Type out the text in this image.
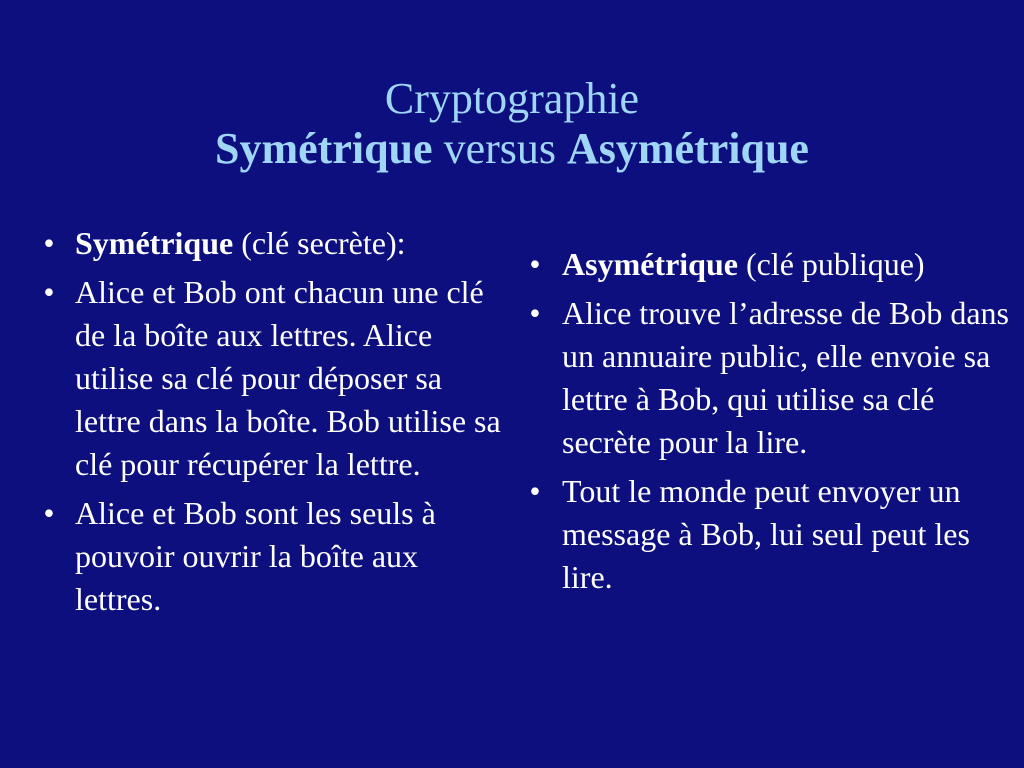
Cryptographie
Symétrique versus Asymétrique
• Symétrique (clé secrète):
• Alice et Bob ont chacun une clé de la boîte aux lettres. Alice utilise sa clé pour déposer sa lettre dans la boîte. Bob utilise sa clé pour récupérer la lettre.
• Alice et Bob sont les seuls à pouvoir ouvrir la boîte aux lettres.
• Asymétrique (clé publique)
• Alice trouve l’adresse de Bob dans un annuaire public, elle envoie sa lettre à Bob, qui utilise sa clé secrète pour la lire.
• Tout le monde peut envoyer un message à Bob, lui seul peut les lire.
